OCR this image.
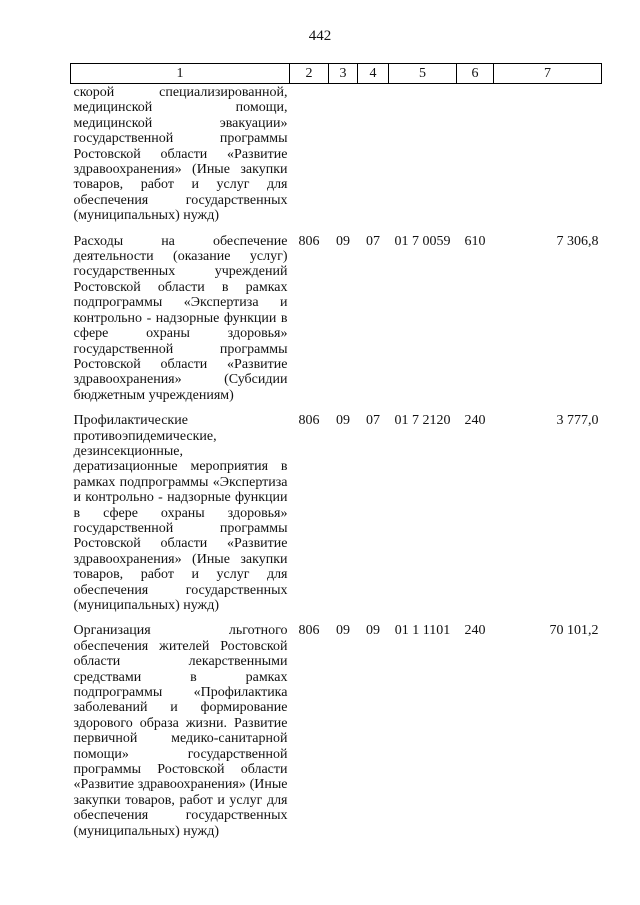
442
1	2	3	4	5	6	7
скорой специализированной, медицинской помощи, медицинской эвакуации» государственной программы Ростовской области «Развитие здравоохранения» (Иные закупки товаров, работ и услуг для обеспечения государственных (муниципальных) нужд)						
Расходы на обеспечение деятельности (оказание услуг) государственных учреждений Ростовской области в рамках подпрограммы «Экспертиза и контрольно - надзорные функции в сфере охраны здоровья» государственной программы Ростовской области «Развитие здравоохранения» (Субсидии бюджетным учреждениям)	806	09	07	01 7 0059	610	7 306,8
Профилактические противоэпидемические, дезинсекционные, дератизационные мероприятия в рамках подпрограммы «Экспертиза и контрольно - надзорные функции в сфере охраны здоровья» государственной программы Ростовской области «Развитие здравоохранения» (Иные закупки товаров, работ и услуг для обеспечения государственных (муниципальных) нужд)	806	09	07	01 7 2120	240	3 777,0
Организация льготного обеспечения жителей Ростовской области лекарственными средствами в рамках подпрограммы «Профилактика заболеваний и формирование здорового образа жизни. Развитие первичной медико-санитарной помощи» государственной программы Ростовской области «Развитие здравоохранения» (Иные закупки товаров, работ и услуг для обеспечения государственных (муниципальных) нужд)	806	09	09	01 1 1101	240	70 101,2
